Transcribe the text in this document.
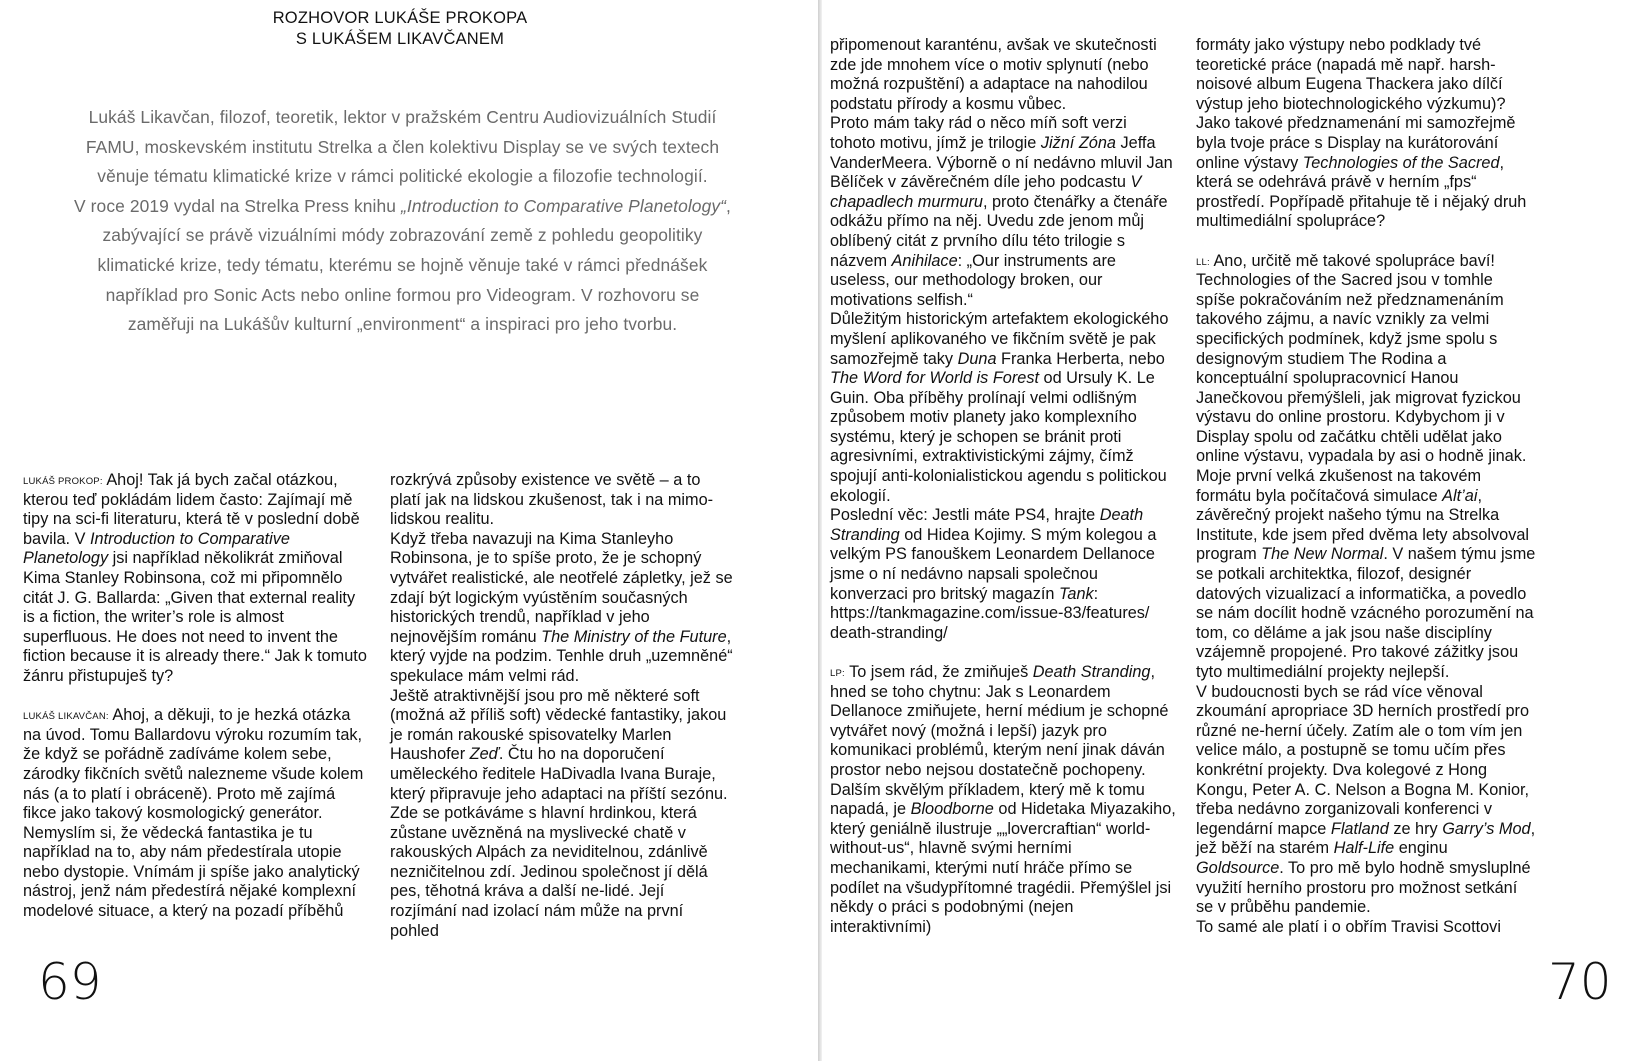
ROZHOVOR LUKÁŠE PROKOPA
S LUKÁŠEM LIKAVČANEM

Lukáš Likavčan, filozof, teoretik, lektor v pražském Centru Audiovizuálních Studií

FAMU, moskevském institutu Strelka a člen kolektivu Display se ve svých textech

věnuje tématu klimatické krize v rámci politické ekologie a filozofie technologií.

V roce 2019 vydal na Strelka Press knihu „Introduction to Comparative Planetology“,

zabývající se právě vizuálními módy zobrazování země z pohledu geopolitiky

klimatické krize, tedy tématu, kterému se hojně věnuje také v rámci přednášek

například pro Sonic Acts nebo online formou pro Videogram. V rozhovoru se

zaměřuji na Lukášův kulturní „environment“ a inspiraci pro jeho tvorbu.

$^{LUKÁŠ PROKOP:}$ Ahoj! Tak já bych začal otázkou, kterou teď pokládám lidem často: Zajímají mě tipy na sci-fi literaturu, která tě v poslední době bavila. V Introduction to Comparative Planetology jsi například několikrát zmiňoval Kima Stanley Robinsona, což mi připomnělo citát J. G. Ballarda: „Given that external reality is a fiction, the writer’s role is almost superfluous. He does not need to invent the fiction because it is already there.“ Jak k tomuto žánru přistupuješ ty?

$^{LUKÁŠ LIKAVČAN:}$ Ahoj, a děkuji, to je hezká otázka na úvod. Tomu Ballardovu výroku rozumím tak, že když se pořádně zadíváme kolem sebe, zárodky fikčních světů nalezneme všude kolem nás (a to platí i obráceně). Proto mě zajímá fikce jako takový kosmologický generátor. Nemyslím si, že vědecká fantastika je tu například na to, aby nám předestírala utopie nebo dystopie. Vnímám ji spíše jako analytický nástroj, jenž nám předestírá nějaké komplexní modelové situace, a který na pozadí příběhů

rozkrývá způsoby existence ve světě – a to platí jak na lidskou zkušenost, tak i na mimo-lidskou realitu.

Když třeba navazuji na Kima Stanleyho Robinsona, je to spíše proto, že je schopný vytvářet realistické, ale neotřelé zápletky, jež se zdají být logickým vyústěním současných historických trendů, například v jeho nejnovějším románu The Ministry of the Future, který vyjde na podzim. Tenhle druh „uzemněné“ spekulace mám velmi rád.

Ještě atraktivnější jsou pro mě některé soft (možná až příliš soft) vědecké fantastiky, jakou je román rakouské spisovatelky Marlen Haushofer Zeď. Čtu ho na doporučení uměleckého ředitele HaDivadla Ivana Buraje, který připravuje jeho adaptaci na příští sezónu. Zde se potkáváme s hlavní hrdinkou, která zůstane uvězněná na myslivecké chatě v rakouských Alpách za neviditelnou, zdánlivě nezničitelnou zdí. Jedinou společnost jí dělá pes, těhotná kráva a další ne-lidé. Její rozjímání nad izolací nám může na první pohled

69

připomenout karanténu, avšak ve skutečnosti zde jde mnohem více o motiv splynutí (nebo možná rozpuštění) a adaptace na nahodilou podstatu přírody a kosmu vůbec.

Proto mám taky rád o něco míň soft verzi tohoto motivu, jímž je trilogie Jižní Zóna Jeffa VanderMeera. Výborně o ní nedávno mluvil Jan Bělíček v závěrečném díle jeho podcastu V chapadlech murmuru, proto čtenářky a čtenáře odkážu přímo na něj. Uvedu zde jenom můj oblíbený citát z prvního dílu této trilogie s názvem Anihilace: „Our instruments are useless, our methodology broken, our motivations selfish.“

Důležitým historickým artefaktem ekologického myšlení aplikovaného ve fikčním světě je pak samozřejmě taky Duna Franka Herberta, nebo The Word for World is Forest od Ursuly K. Le Guin. Oba příběhy prolínají velmi odlišným způsobem motiv planety jako komplexního systému, který je schopen se bránit proti agresivními, extraktivistickými zájmy, čímž spojují anti-kolonialistickou agendu s politickou ekologií.

Poslední věc: Jestli máte PS4, hrajte Death Stranding od Hidea Kojimy. S mým kolegou a velkým PS fanouškem Leonardem Dellanoce jsme o ní nedávno napsali společnou konverzaci pro britský magazín Tank:
https://tankmagazine.com/issue-83/features/
death-stranding/

$^{LP:}$ To jsem rád, že zmiňuješ Death Stranding, hned se toho chytnu: Jak s Leonardem Dellanoce zmiňujete, herní médium je schopné vytvářet nový (možná i lepší) jazyk pro komunikaci problémů, kterým není jinak dáván prostor nebo nejsou dostatečně pochopeny. Dalším skvělým příkladem, který mě k tomu napadá, je Bloodborne od Hidetaka Miyazakiho, který geniálně ilustruje „„lovercraftian“ world-without-us“, hlavně svými herními mechanikami, kterými nutí hráče přímo se podílet na všudypřítomné tragédii. Přemýšlel jsi někdy o práci s podobnými (nejen interaktivními)

formáty jako výstupy nebo podklady tvé teoretické práce (napadá mě např. harsh-noisové album Eugena Thackera jako dílčí výstup jeho biotechnologického výzkumu)?

Jako takové předznamenání mi samozřejmě byla tvoje práce s Display na kurátorování online výstavy Technologies of the Sacred, která se odehrává právě v herním „fps“ prostředí. Popřípadě přitahuje tě i nějaký druh multimediální spolupráce?

$^{LL:}$ Ano, určitě mě takové spolupráce baví! Technologies of the Sacred jsou v tomhle spíše pokračováním než předznamenáním takového zájmu, a navíc vznikly za velmi specifických podmínek, když jsme spolu s designovým studiem The Rodina a konceptuální spolupracovnicí Hanou Janečkovou přemýšleli, jak migrovat fyzickou výstavu do online prostoru. Kdybychom ji v Display spolu od začátku chtěli udělat jako online výstavu, vypadala by asi o hodně jinak.

Moje první velká zkušenost na takovém formátu byla počítačová simulace Alt’ai, závěrečný projekt našeho týmu na Strelka Institute, kde jsem před dvěma lety absolvoval program The New Normal. V našem týmu jsme se potkali architektka, filozof, designér datových vizualizací a informatička, a povedlo se nám docílit hodně vzácného porozumění na tom, co děláme a jak jsou naše disciplíny vzájemně propojené. Pro takové zážitky jsou tyto multimediální projekty nejlepší.

V budoucnosti bych se rád více věnoval zkoumání apropriace 3D herních prostředí pro různé ne-herní účely. Zatím ale o tom vím jen velice málo, a postupně se tomu učím přes konkrétní projekty. Dva kolegové z Hong Kongu, Peter A. C. Nelson a Bogna M. Konior, třeba nedávno zorganizovali konferenci v legendární mapce Flatland ze hry Garry’s Mod, jež běží na starém Half-Life enginu Goldsource. To pro mě bylo hodně smysluplné využití herního prostoru pro možnost setkání se v průběhu pandemie.

To samé ale platí i o obřím Travisi Scottovi

70
